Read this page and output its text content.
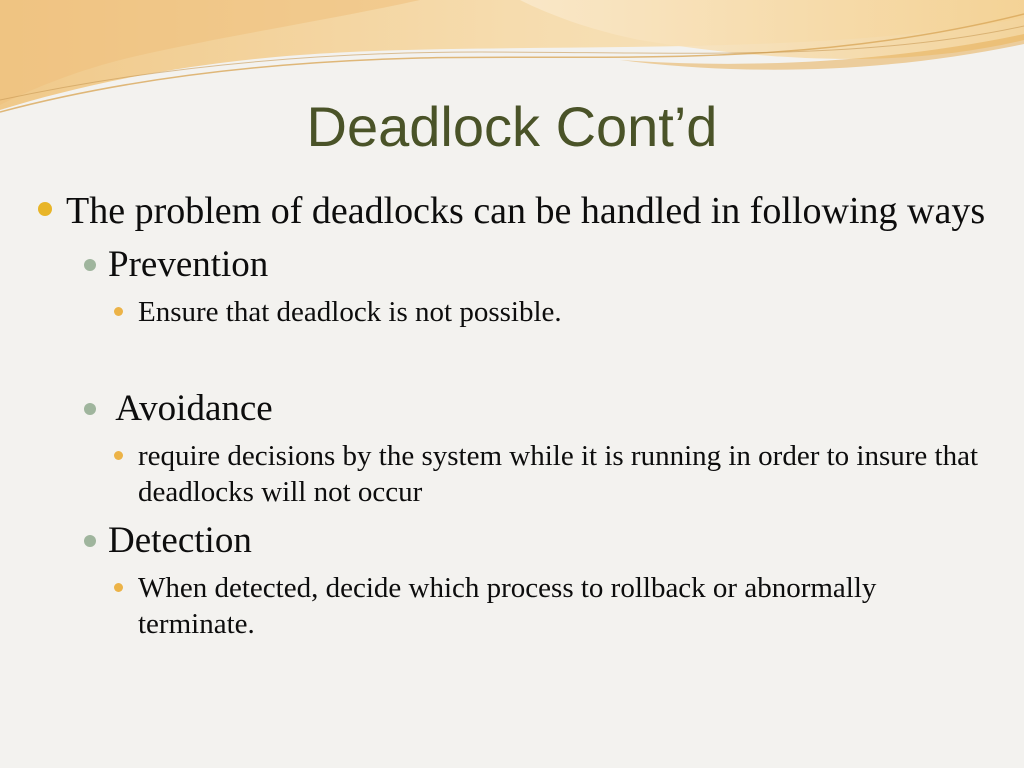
Deadlock Cont’d
The problem of deadlocks can be handled in following ways
Prevention
Ensure that deadlock is not possible.
Avoidance
require decisions by the system while it is running in order to insure that deadlocks will not occur
Detection
When detected, decide which process to rollback or abnormally terminate.
